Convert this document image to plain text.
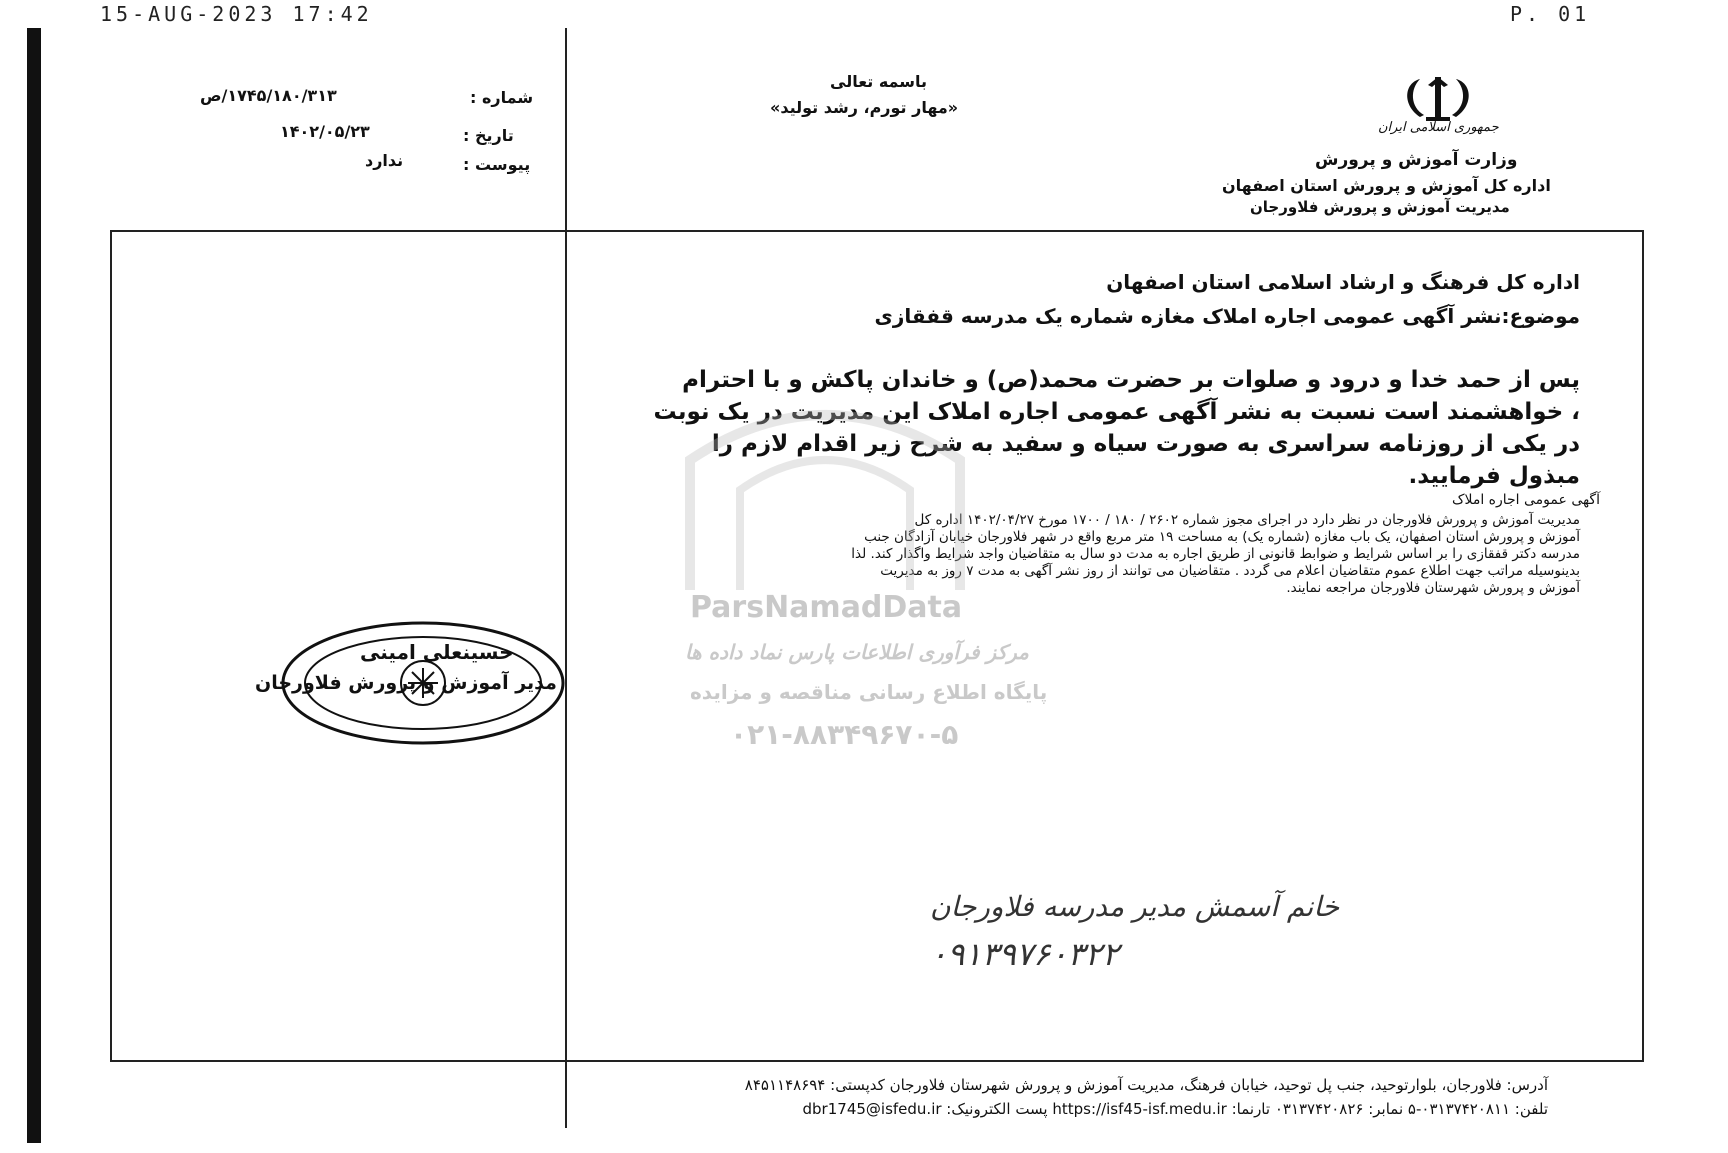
15-AUG-2023 17:42	P. 01
شماره :
۱۷۴۵/۱۸۰/۳۱۳/ص
تاریخ :
۱۴۰۲/۰۵/۲۳
پیوست :
ندارد
باسمه تعالی
«مهار تورم، رشد تولید»
جمهوری اسلامی ایران
وزارت آموزش و پرورش
اداره کل آموزش و پرورش استان اصفهان
مدیریت آموزش و پرورش فلاورجان
اداره کل فرهنگ و ارشاد اسلامی استان اصفهان
موضوع:نشر آگهی عمومی اجاره املاک مغازه شماره یک مدرسه قفقازی
پس از حمد خدا و درود و صلوات بر حضرت محمد(ص) و خاندان پاکش و با احترام
، خواهشمند است نسبت به نشر آگهی عمومی اجاره املاک این مدیریت در یک نوبت
در یکی از روزنامه سراسری به صورت سیاه و سفید به شرح زیر اقدام لازم را
مبذول فرمایید.
آگهی عمومی اجاره املاک
مدیریت آموزش و پرورش فلاورجان در نظر دارد در اجرای مجوز شماره ۲۶۰۲ / ۱۸۰ / ۱۷۰۰ مورخ ۱۴۰۲/۰۴/۲۷ اداره کل
آموزش و پرورش استان اصفهان، یک باب مغازه (شماره یک) به مساحت ۱۹ متر مربع واقع در شهر فلاورجان خیابان آزادگان جنب
مدرسه دکتر قفقازی را بر اساس شرایط و ضوابط قانونی از طریق اجاره به مدت دو سال به متقاضیان واجد شرایط واگذار کند. لذا
بدینوسیله مراتب جهت اطلاع عموم متقاضیان اعلام می گردد . متقاضیان می توانند از روز نشر آگهی به مدت ۷ روز به مدیریت
آموزش و پرورش شهرستان فلاورجان مراجعه نمایند.
ParsNamadData
مرکز فرآوری اطلاعات پارس نماد داده ها
پایگاه اطلاع رسانی مناقصه و مزایده
۰۲۱-۸۸۳۴۹۶۷۰-۵
حسینعلی امینی
مدیر آموزش و پرورش فلاورجان
خانم آسمش مدیر مدرسه فلاورجان
۰۹۱۳۹۷۶۰۳۲۲
آدرس: فلاورجان، بلوارتوحید، جنب پل توحید، خیابان فرهنگ، مدیریت آموزش و پرورش شهرستان فلاورجان کدپستی: ۸۴۵۱۱۴۸۶۹۴
تلفن: ۰۳۱۳۷۴۲۰۸۱۱-۵ نمابر: ۰۳۱۳۷۴۲۰۸۲۶ تارنما: https://isf45-isf.medu.ir پست الکترونیک: dbr1745@isfedu.ir
